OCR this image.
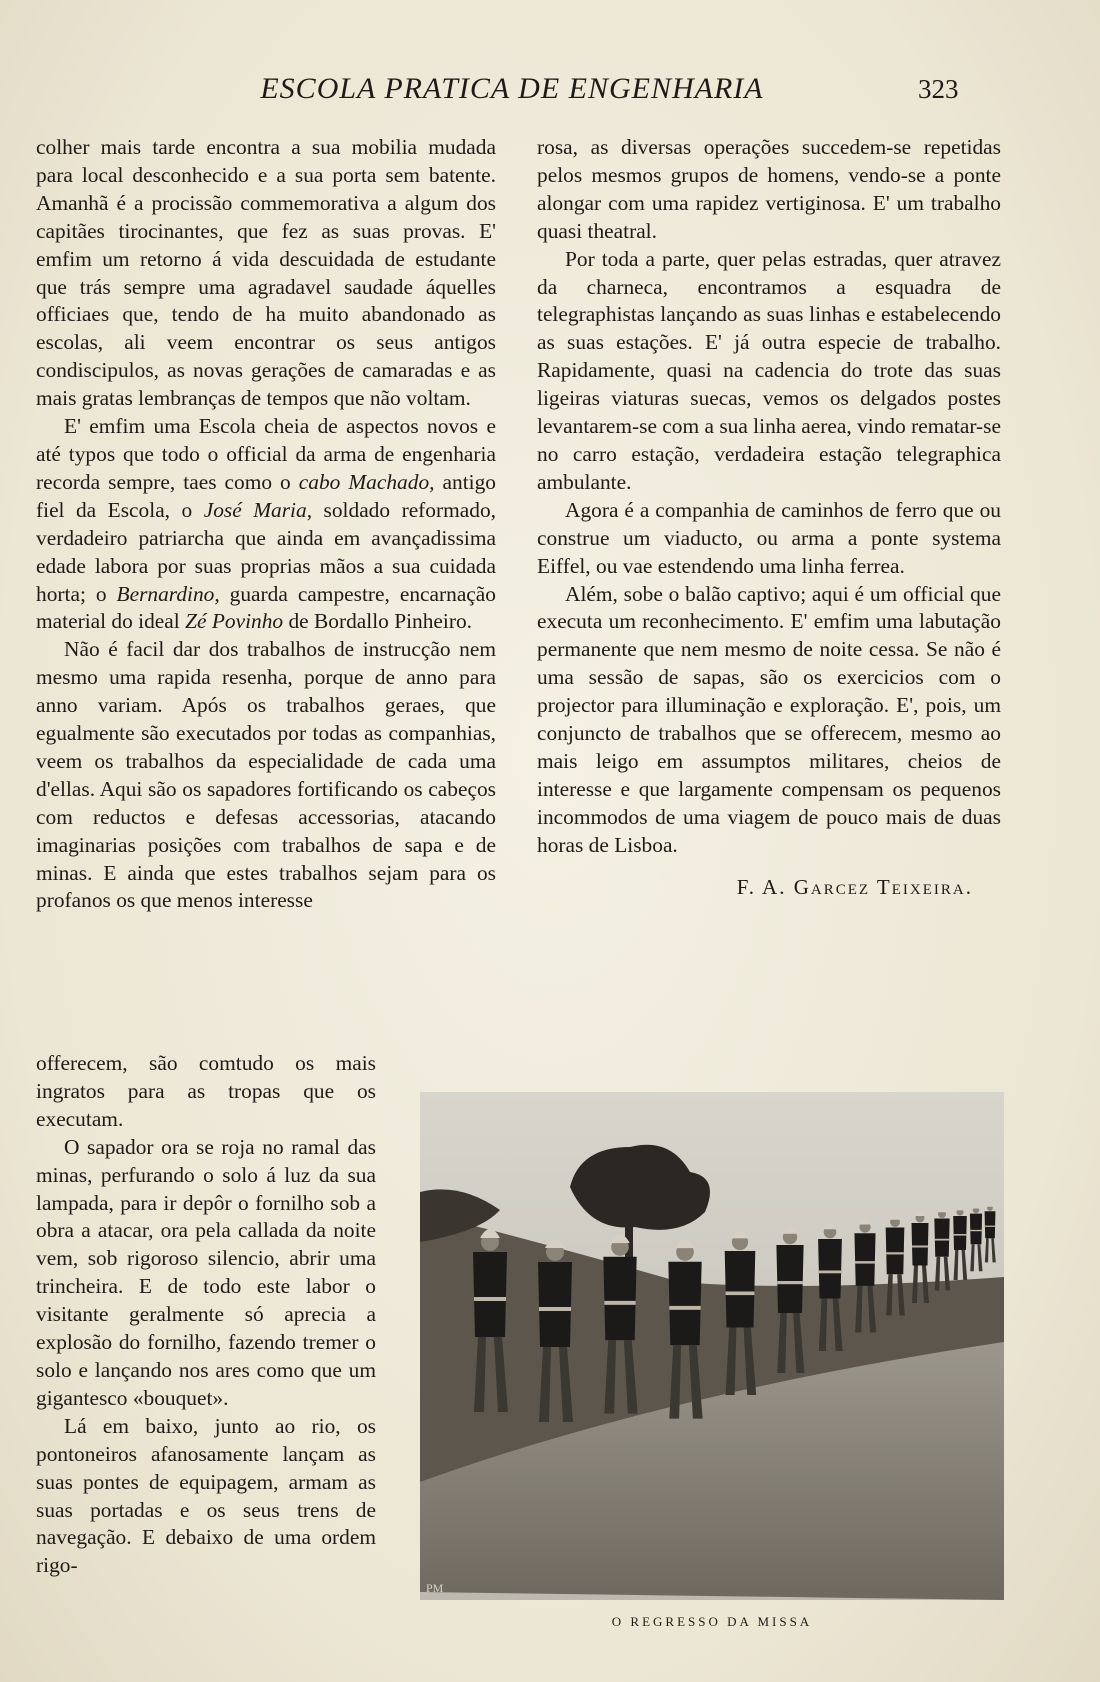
ESCOLA PRATICA DE ENGENHARIA	323

colher mais tarde encontra a sua mobilia mudada para local desconhecido e a sua porta sem batente. Amanhã é a procissão commemorativa a algum dos capitães tirocinantes, que fez as suas provas. E' emfim um retorno á vida descuidada de estudante que trás sempre uma agradavel saudade áquelles officiaes que, tendo de ha muito abandonado as escolas, ali veem encontrar os seus antigos condiscipulos, as novas gerações de camaradas e as mais gratas lembranças de tempos que não voltam.

E' emfim uma Escola cheia de aspectos novos e até typos que todo o official da arma de engenharia recorda sempre, taes como o cabo Machado, antigo fiel da Escola, o José Maria, soldado reformado, verdadeiro patriarcha que ainda em avançadissima edade labora por suas proprias mãos a sua cuidada horta; o Bernardino, guarda campestre, encarnação material do ideal Zé Povinho de Bordallo Pinheiro.

Não é facil dar dos trabalhos de instrucção nem mesmo uma rapida resenha, porque de anno para anno variam. Após os trabalhos geraes, que egualmente são executados por todas as companhias, veem os trabalhos da especialidade de cada uma d'ellas. Aqui são os sapadores fortificando os cabeços com reductos e defesas accessorias, atacando imaginarias posições com trabalhos de sapa e de minas. E ainda que estes trabalhos sejam para os profanos os que menos interesse

offerecem, são comtudo os mais ingratos para as tropas que os executam.

O sapador ora se roja no ramal das minas, perfurando o solo á luz da sua lampada, para ir depôr o fornilho sob a obra a atacar, ora pela callada da noite vem, sob rigoroso silencio, abrir uma trincheira. E de todo este labor o visitante geralmente só aprecia a explosão do fornilho, fazendo tremer o solo e lançando nos ares como que um gigantesco «bouquet».

Lá em baixo, junto ao rio, os pontoneiros afanosamente lançam as suas pontes de equipagem, armam as suas portadas e os seus trens de navegação. E debaixo de uma ordem rigo-

rosa, as diversas operações succedem-se repetidas pelos mesmos grupos de homens, vendo-se a ponte alongar com uma rapidez vertiginosa. E' um trabalho quasi theatral.

Por toda a parte, quer pelas estradas, quer atravez da charneca, encontramos a esquadra de telegraphistas lançando as suas linhas e estabelecendo as suas estações. E' já outra especie de trabalho. Rapidamente, quasi na cadencia do trote das suas ligeiras viaturas suecas, vemos os delgados postes levantarem-se com a sua linha aerea, vindo rematar-se no carro estação, verdadeira estação telegraphica ambulante.

Agora é a companhia de caminhos de ferro que ou construe um viaducto, ou arma a ponte systema Eiffel, ou vae estendendo uma linha ferrea.

Além, sobe o balão captivo; aqui é um official que executa um reconhecimento. E' emfim uma labutação permanente que nem mesmo de noite cessa. Se não é uma sessão de sapas, são os exercicios com o projector para illuminação e exploração. E', pois, um conjuncto de trabalhos que se offerecem, mesmo ao mais leigo em assumptos militares, cheios de interesse e que largamente compensam os pequenos incommodos de uma viagem de pouco mais de duas horas de Lisboa.

F. A. Garcez Teixeira.
PM
O REGRESSO DA MISSA
